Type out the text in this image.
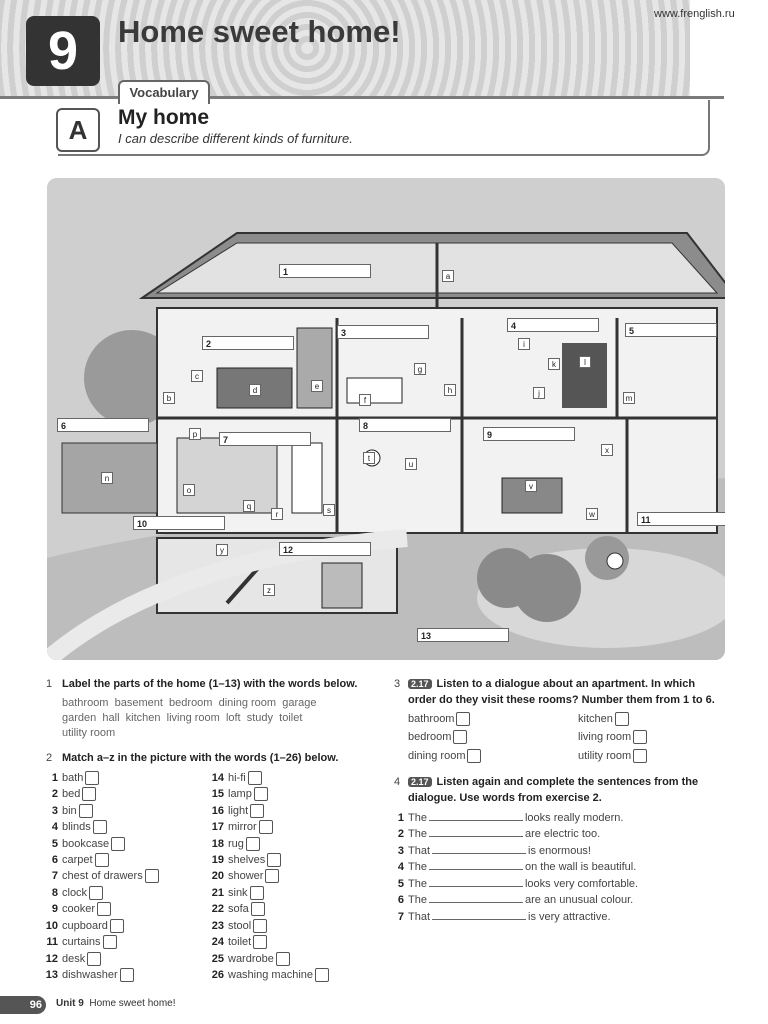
9	Home sweet home!	www.frenglish.ru
Vocabulary
A	My home
I can describe different kinds of furniture.
1
2
3
4	5
6
7
8
9
10	11
12
13
a
b
c
d	e
f
g
h
i
j
k	l
m
n
o
p
q
r	s
t
u
v
w
x
y
z
1 Label the parts of the home (1–13) with the words below.
bathroom basement bedroom dining room garage
garden hall kitchen living room loft study toilet
utility room
2 Match a–z in the picture with the words (1–26) below.
1 bath
2 bed
3 bin
4 blinds
5 bookcase
6 carpet
7 chest of drawers
8 clock
9 cooker
10 cupboard
11 curtains
12 desk
13 dishwasher
14 hi-fi
15 lamp
16 light
17 mirror
18 rug
19 shelves
20 shower
21 sink
22 sofa
23 stool
24 toilet
25 wardrobe
26 washing machine
3	2.17 Listen to a dialogue about an apartment. In which
order do they visit these rooms? Number them from 1 to 6.
bathroom
bedroom
dining room
kitchen
living room
utility room
4	2.17 Listen again and complete the sentences from the
dialogue. Use words from exercise 2.
1 The	looks really modern.
2 The	are electric too.
3 That	is enormous!
4 The	on the wall is beautiful.
5 The	looks very comfortable.
6 The	are an unusual colour.
7 That	is very attractive.
96	Unit 9 Home sweet home!
